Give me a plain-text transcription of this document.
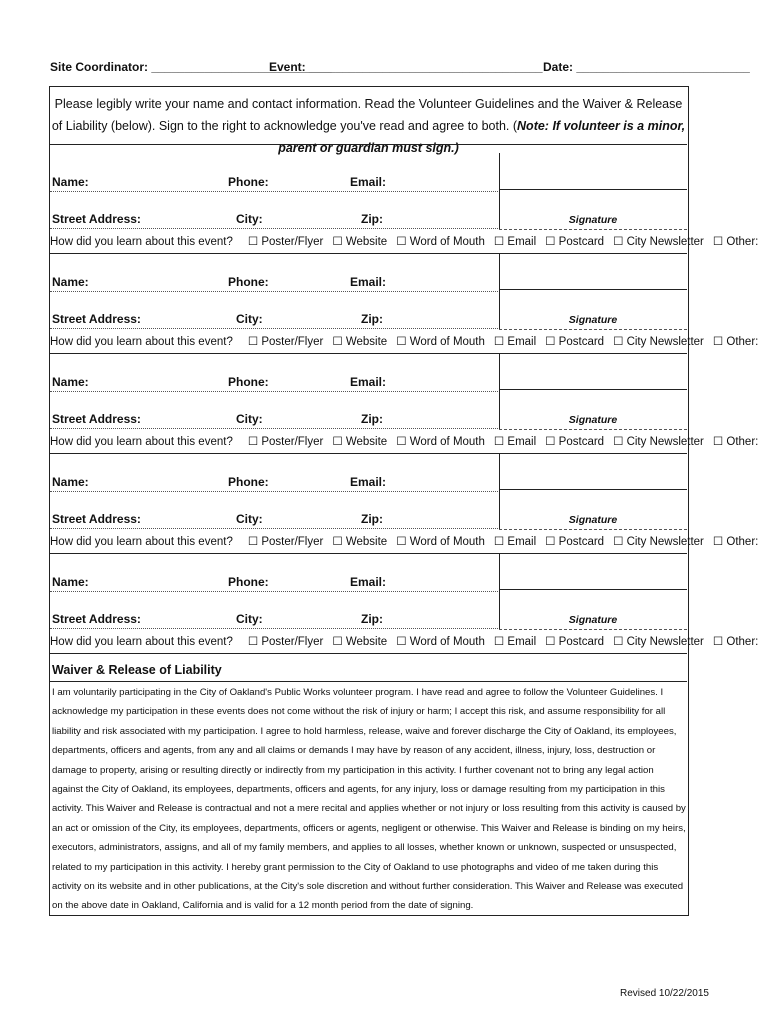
Site Coordinator: ___________________________
Event: ___________________________________ Date: __________________________
Please legibly write your name and contact information. Read the Volunteer Guidelines and the Waiver & Release of Liability (below). Sign to the right to acknowledge you've read and agree to both. (Note: If volunteer is a minor, parent or guardian must sign.)
Name:	Phone:	Email:
Street Address:	City:	Zip:	Signature
How did you learn about this event? ☐ Poster/Flyer ☐ Website ☐ Word of Mouth ☐ Email ☐ Postcard ☐ City Newsletter ☐ Other:
Name:	Phone:	Email:
Street Address:	City:	Zip:	Signature
How did you learn about this event? ☐ Poster/Flyer ☐ Website ☐ Word of Mouth ☐ Email ☐ Postcard ☐ City Newsletter ☐ Other:
Name:	Phone:	Email:
Street Address:	City:	Zip:	Signature
How did you learn about this event? ☐ Poster/Flyer ☐ Website ☐ Word of Mouth ☐ Email ☐ Postcard ☐ City Newsletter ☐ Other:
Name:	Phone:	Email:
Street Address:	City:	Zip:	Signature
How did you learn about this event? ☐ Poster/Flyer ☐ Website ☐ Word of Mouth ☐ Email ☐ Postcard ☐ City Newsletter ☐ Other:
Name:	Phone:	Email:
Street Address:	City:	Zip:	Signature
How did you learn about this event? ☐ Poster/Flyer ☐ Website ☐ Word of Mouth ☐ Email ☐ Postcard ☐ City Newsletter ☐ Other:
Waiver & Release of Liability
I am voluntarily participating in the City of Oakland's Public Works volunteer program. I have read and agree to follow the Volunteer Guidelines. I acknowledge my participation in these events does not come without the risk of injury or harm; I accept this risk, and assume responsibility for all liability and risk associated with my participation. I agree to hold harmless, release, waive and forever discharge the City of Oakland, its employees, departments, officers and agents, from any and all claims or demands I may have by reason of any accident, illness, injury, loss, destruction or damage to property, arising or resulting directly or indirectly from my participation in this activity. I further covenant not to bring any legal action against the City of Oakland, its employees, departments, officers and agents, for any injury, loss or damage resulting from my participation in this activity. This Waiver and Release is contractual and not a mere recital and applies whether or not injury or loss resulting from this activity is caused by an act or omission of the City, its employees, departments, officers or agents, negligent or otherwise. This Waiver and Release is binding on my heirs, executors, administrators, assigns, and all of my family members, and applies to all losses, whether known or unknown, suspected or unsuspected, related to my participation in this activity. I hereby grant permission to the City of Oakland to use photographs and video of me taken during this activity on its website and in other publications, at the City's sole discretion and without further consideration. This Waiver and Release was executed on the above date in Oakland, California and is valid for a 12 month period from the date of signing.
Revised 10/22/2015
